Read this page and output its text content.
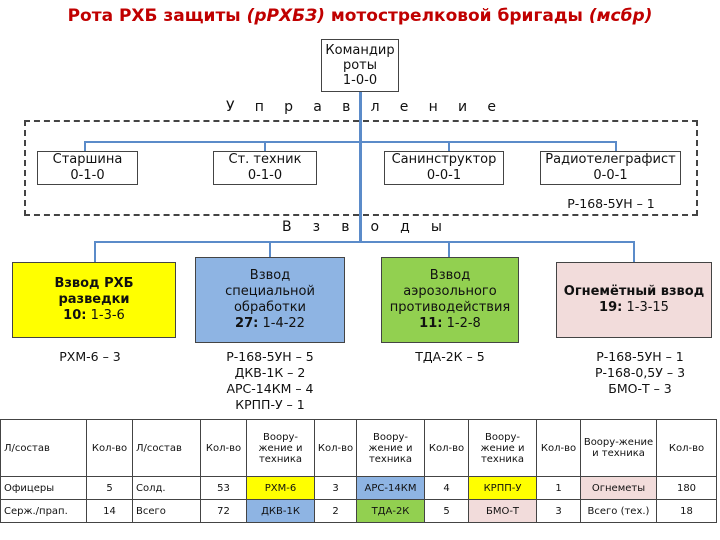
Рота РХБ защиты (рРХБЗ) мотострелковой бригады (мсбр)
Командир
роты
1-0-0
У п р а в л е н и е
Старшина
0-1-0
Ст. техник
0-1-0
Санинструктор
0-0-1
Радиотелеграфист
0-0-1
Р-168-5УН – 1
В з в о д ы
Взвод РХБ разведки
10: 1-3-6
Взвод специальной обработки
27: 1-4-22
Взвод аэрозольного противодействия
11: 1-2-8
Огнемётный взвод
19: 1-3-15
РХМ-6 – 3	Р-168-5УН – 5
ДКВ-1К – 2
АРС-14КМ – 4
КРПП-У – 1
ТДА-2К – 5	Р-168-5УН – 1
Р-168-0,5У – 3
БМО-Т – 3
Л/состав	Кол-во	Л/состав	Кол-во	Воору-жение и техника	Кол-во	Воору-жение и техника	Кол-во	Воору-жение и техника	Кол-во	Воору-жение и техника	Кол-во
Офицеры	5	Солд.	53	РХМ-6	3	АРС-14КМ	4	КРПП-У	1	Огнеметы	180
Серж./прап.	14	Всего	72	ДКВ-1К	2	ТДА-2К	5	БМО-Т	3	Всего (тех.)	18
